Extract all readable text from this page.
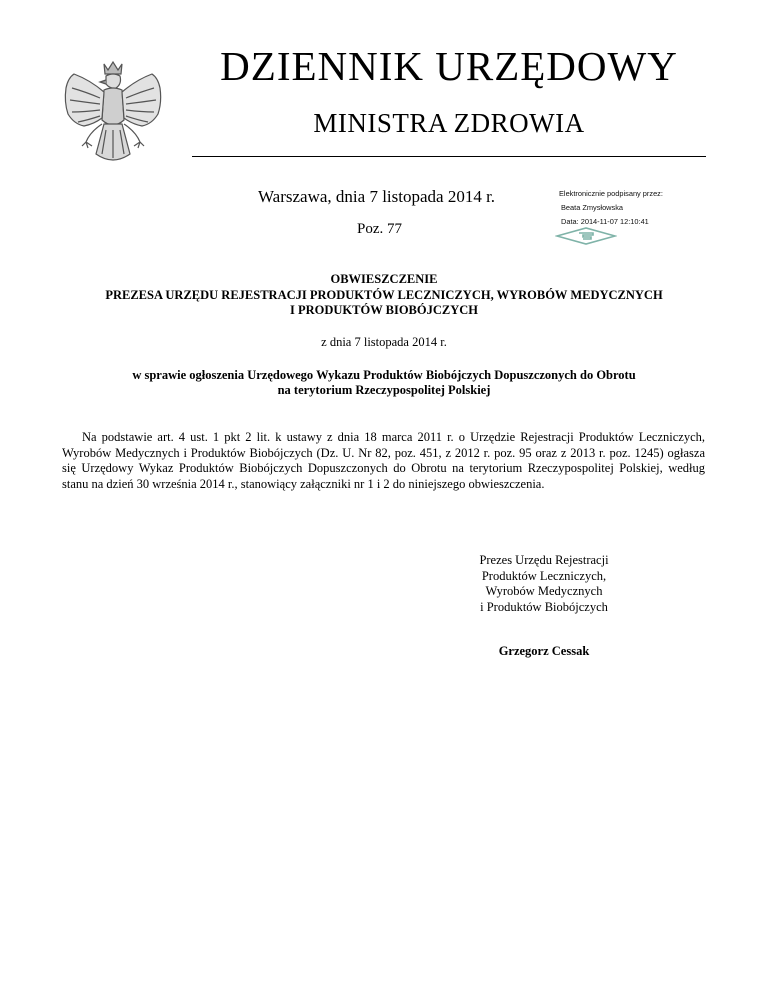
DZIENNIK URZĘDOWY
MINISTRA ZDROWIA
Warszawa, dnia 7 listopada 2014 r.
Poz. 77
Elektronicznie podpisany przez:
Beata Zmysłowska
Data: 2014-11-07 12:10:41
OBWIESZCZENIE
PREZESA URZĘDU REJESTRACJI PRODUKTÓW LECZNICZYCH, WYROBÓW MEDYCZNYCH
I PRODUKTÓW BIOBÓJCZYCH
z dnia 7 listopada 2014 r.
w sprawie ogłoszenia Urzędowego Wykazu Produktów Biobójczych Dopuszczonych do Obrotu
na terytorium Rzeczypospolitej Polskiej
Na podstawie art. 4 ust. 1 pkt 2 lit. k ustawy z dnia 18 marca 2011 r. o Urzędzie Rejestracji Produktów Leczniczych, Wyrobów Medycznych i Produktów Biobójczych (Dz. U. Nr 82, poz. 451, z 2012 r. poz. 95 oraz z 2013 r. poz. 1245) ogłasza się Urzędowy Wykaz Produktów Biobójczych Dopuszczonych do Obrotu na terytorium Rzeczypospolitej Polskiej, według stanu na dzień 30 września 2014 r., stanowiący załączniki nr 1 i 2 do niniejszego obwieszczenia.
Prezes Urzędu Rejestracji
Produktów Leczniczych,
Wyrobów Medycznych
i Produktów Biobójczych
Grzegorz Cessak
